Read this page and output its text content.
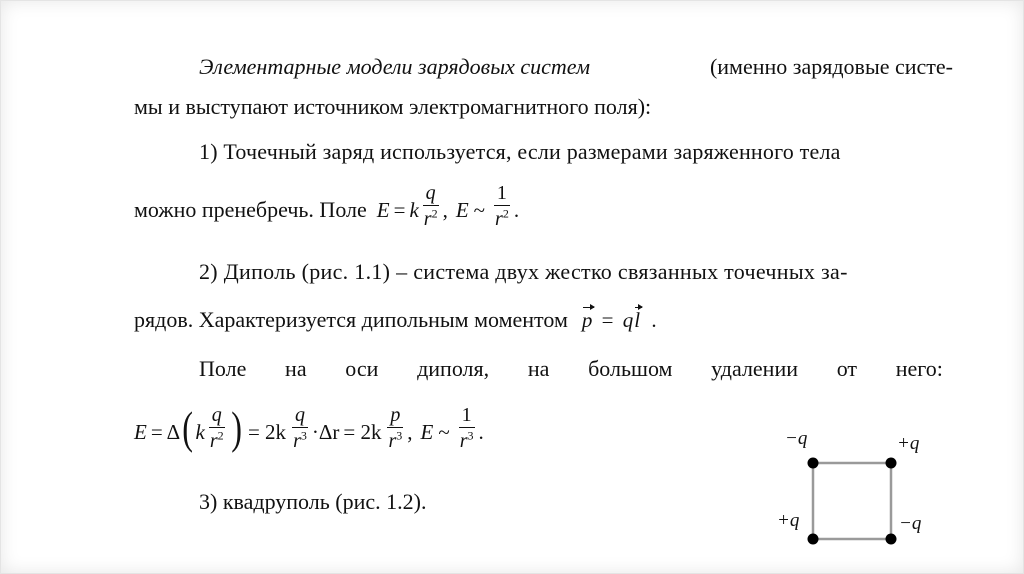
Элементарные модели зарядовых систем	(именно зарядовые систе-
мы и выступают источником электромагнитного поля):
1) Точечный заряд используется, если размерами заряженного тела
можно пренебречь. Поле E = k $\frac{q}{r^2}$ , E ~ $\frac{1}{r^2}$ .
2) Диполь (рис. 1.1) – система двух жестко связанных точечных за-
рядов. Характеризуется дипольным моментом p = ql .
Поле на оси диполя, на большом удалении от него:
E = Δ ( k $\frac{q}{r^2}$ ) = $2k \frac{q}{r^3} \cdot \Delta r = 2k \frac{p}{r^3}$ , E ~ $\frac{1}{r^3}$ .
3) квадруполь (рис. 1.2).
−q	+q
+q	−q
